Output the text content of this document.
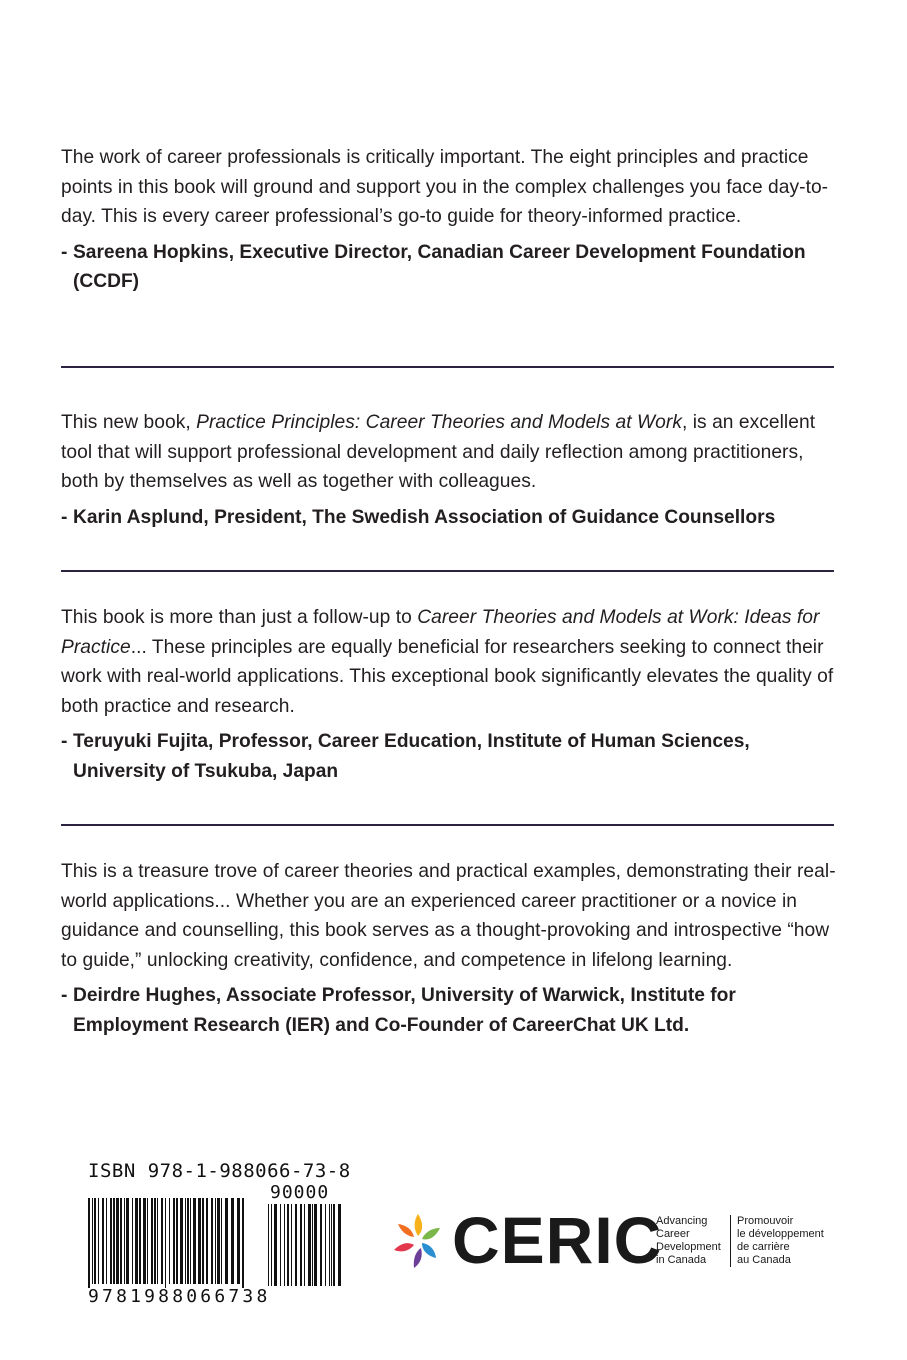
The work of career professionals is critically important. The eight principles and practice points in this book will ground and support you in the complex challenges you face day-to-day. This is every career professional’s go-to guide for theory-informed practice.

- Sareena Hopkins, Executive Director, Canadian Career Development Foundation (CCDF)

This new book, Practice Principles: Career Theories and Models at Work, is an excellent tool that will support professional development and daily reflection among practitioners, both by themselves as well as together with colleagues.

- Karin Asplund, President, The Swedish Association of Guidance Counsellors

This book is more than just a follow-up to Career Theories and Models at Work: Ideas for Practice... These principles are equally beneficial for researchers seeking to connect their work with real-world applications. This exceptional book significantly elevates the quality of both practice and research.

- Teruyuki Fujita, Professor, Career Education, Institute of Human Sciences, University of Tsukuba, Japan

This is a treasure trove of career theories and practical examples, demonstrating their real-world applications... Whether you are an experienced career practitioner or a novice in guidance and counselling, this book serves as a thought-provoking and introspective “how to guide,” unlocking creativity, confidence, and competence in lifelong learning.

- Deirdre Hughes, Associate Professor, University of Warwick, Institute for Employment Research (IER) and Co-Founder of CareerChat UK Ltd.
ISBN 978-1-988066-73-8
90000
9781988066738
CERIC
Advancing
Career
Development
in Canada
Promouvoir
le développement
de carrière
au Canada
